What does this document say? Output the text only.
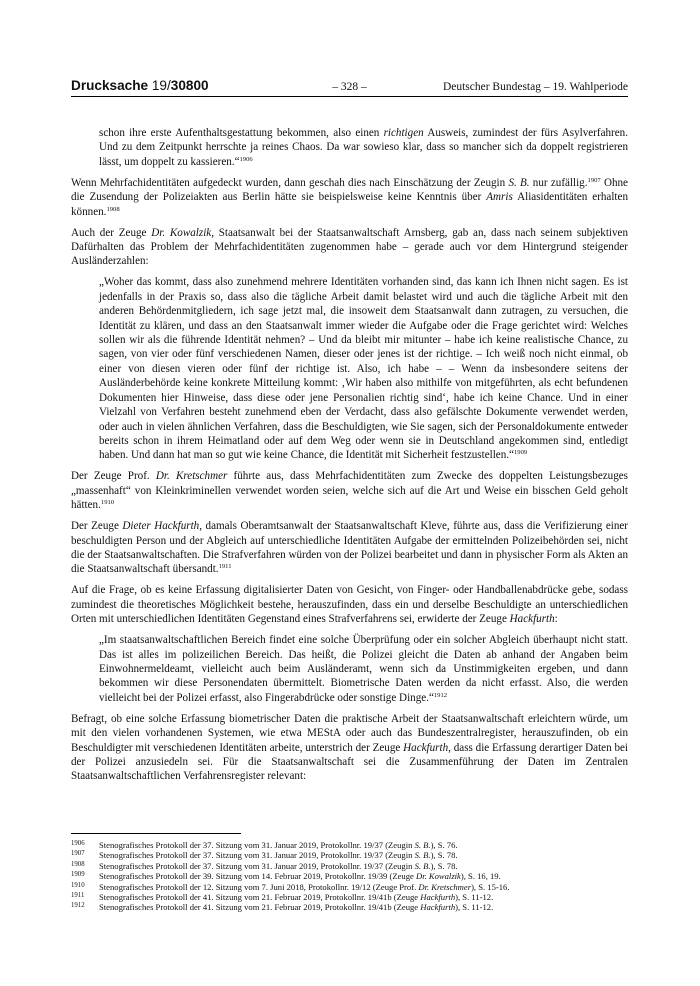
Drucksache 19/30800	– 328 –	Deutscher Bundestag – 19. Wahlperiode

schon ihre erste Aufenthaltsgestattung bekommen, also einen richtigen Ausweis, zumindest der fürs Asylverfahren. Und zu dem Zeitpunkt herrschte ja reines Chaos. Da war sowieso klar, dass so mancher sich da doppelt registrieren lässt, um doppelt zu kassieren.“$^{1906}$

Wenn Mehrfachidentitäten aufgedeckt wurden, dann geschah dies nach Einschätzung der Zeugin S. B. nur zufällig.$^{1907}$ Ohne die Zusendung der Polizeiakten aus Berlin hätte sie beispielsweise keine Kenntnis über Amris Aliasidentitäten erhalten können.$^{1908}$

Auch der Zeuge Dr. Kowalzik, Staatsanwalt bei der Staatsanwaltschaft Arnsberg, gab an, dass nach seinem subjektiven Dafürhalten das Problem der Mehrfachidentitäten zugenommen habe – gerade auch vor dem Hintergrund steigender Ausländerzahlen:

„Woher das kommt, dass also zunehmend mehrere Identitäten vorhanden sind, das kann ich Ihnen nicht sagen. Es ist jedenfalls in der Praxis so, dass also die tägliche Arbeit damit belastet wird und auch die tägliche Arbeit mit den anderen Behördenmitgliedern, ich sage jetzt mal, die insoweit dem Staatsanwalt dann zutragen, zu versuchen, die Identität zu klären, und dass an den Staatsanwalt immer wieder die Aufgabe oder die Frage gerichtet wird: Welches sollen wir als die führende Identität nehmen? – Und da bleibt mir mitunter – habe ich keine realistische Chance, zu sagen, von vier oder fünf verschiedenen Namen, dieser oder jenes ist der richtige. – Ich weiß noch nicht einmal, ob einer von diesen vieren oder fünf der richtige ist. Also, ich habe – – Wenn da insbesondere seitens der Ausländerbehörde keine konkrete Mitteilung kommt: ‚Wir haben also mithilfe von mitgeführten, als echt befundenen Dokumenten hier Hinweise, dass diese oder jene Personalien richtig sind‘, habe ich keine Chance. Und in einer Vielzahl von Verfahren besteht zunehmend eben der Verdacht, dass also gefälschte Dokumente verwendet werden, oder auch in vielen ähnlichen Verfahren, dass die Beschuldigten, wie Sie sagen, sich der Personaldokumente entweder bereits schon in ihrem Heimatland oder auf dem Weg oder wenn sie in Deutschland angekommen sind, entledigt haben. Und dann hat man so gut wie keine Chance, die Identität mit Sicherheit festzustellen.“$^{1909}$

Der Zeuge Prof. Dr. Kretschmer führte aus, dass Mehrfachidentitäten zum Zwecke des doppelten Leistungsbezuges „massenhaft“ von Kleinkriminellen verwendet worden seien, welche sich auf die Art und Weise ein bisschen Geld geholt hätten.$^{1910}$

Der Zeuge Dieter Hackfurth, damals Oberamtsanwalt der Staatsanwaltschaft Kleve, führte aus, dass die Verifizierung einer beschuldigten Person und der Abgleich auf unterschiedliche Identitäten Aufgabe der ermittelnden Polizeibehörden sei, nicht die der Staatsanwaltschaften. Die Strafverfahren würden von der Polizei bearbeitet und dann in physischer Form als Akten an die Staatsanwaltschaft übersandt.$^{1911}$

Auf die Frage, ob es keine Erfassung digitalisierter Daten von Gesicht, von Finger- oder Handballenabdrücke gebe, sodass zumindest die theoretisches Möglichkeit bestehe, herauszufinden, dass ein und derselbe Beschuldigte an unterschiedlichen Orten mit unterschiedlichen Identitäten Gegenstand eines Strafverfahrens sei, erwiderte der Zeuge Hackfurth:

„Im staatsanwaltschaftlichen Bereich findet eine solche Überprüfung oder ein solcher Abgleich überhaupt nicht statt. Das ist alles im polizeilichen Bereich. Das heißt, die Polizei gleicht die Daten ab anhand der Angaben beim Einwohnermeldeamt, vielleicht auch beim Ausländeramt, wenn sich da Unstimmigkeiten ergeben, und dann bekommen wir diese Personendaten übermittelt. Biometrische Daten werden da nicht erfasst. Also, die werden vielleicht bei der Polizei erfasst, also Fingerabdrücke oder sonstige Dinge.“$^{1912}$

Befragt, ob eine solche Erfassung biometrischer Daten die praktische Arbeit der Staatsanwaltschaft erleichtern würde, um mit den vielen vorhandenen Systemen, wie etwa MEStA oder auch das Bundeszentralregister, herauszufinden, ob ein Beschuldigter mit verschiedenen Identitäten arbeite, unterstrich der Zeuge Hackfurth, dass die Erfassung derartiger Daten bei der Polizei anzusiedeln sei. Für die Staatsanwaltschaft sei die Zusammenführung der Daten im Zentralen Staatsanwaltschaftlichen Verfahrensregister relevant:

1906 Stenografisches Protokoll der 37. Sitzung vom 31. Januar 2019, Protokollnr. 19/37 (Zeugin S. B.), S. 76.
1907 Stenografisches Protokoll der 37. Sitzung vom 31. Januar 2019, Protokollnr. 19/37 (Zeugin S. B.), S. 78.
1908 Stenografisches Protokoll der 37. Sitzung vom 31. Januar 2019, Protokollnr. 19/37 (Zeugin S. B.), S. 78.
1909 Stenografisches Protokoll der 39. Sitzung vom 14. Februar 2019, Protokollnr. 19/39 (Zeuge Dr. Kowalzik), S. 16, 19.
1910 Stenografisches Protokoll der 12. Sitzung vom 7. Juni 2018, Protokollnr. 19/12 (Zeuge Prof. Dr. Kretschmer), S. 15-16.
1911 Stenografisches Protokoll der 41. Sitzung vom 21. Februar 2019, Protokollnr. 19/41b (Zeuge Hackfurth), S. 11-12.
1912 Stenografisches Protokoll der 41. Sitzung vom 21. Februar 2019, Protokollnr. 19/41b (Zeuge Hackfurth), S. 11-12.
